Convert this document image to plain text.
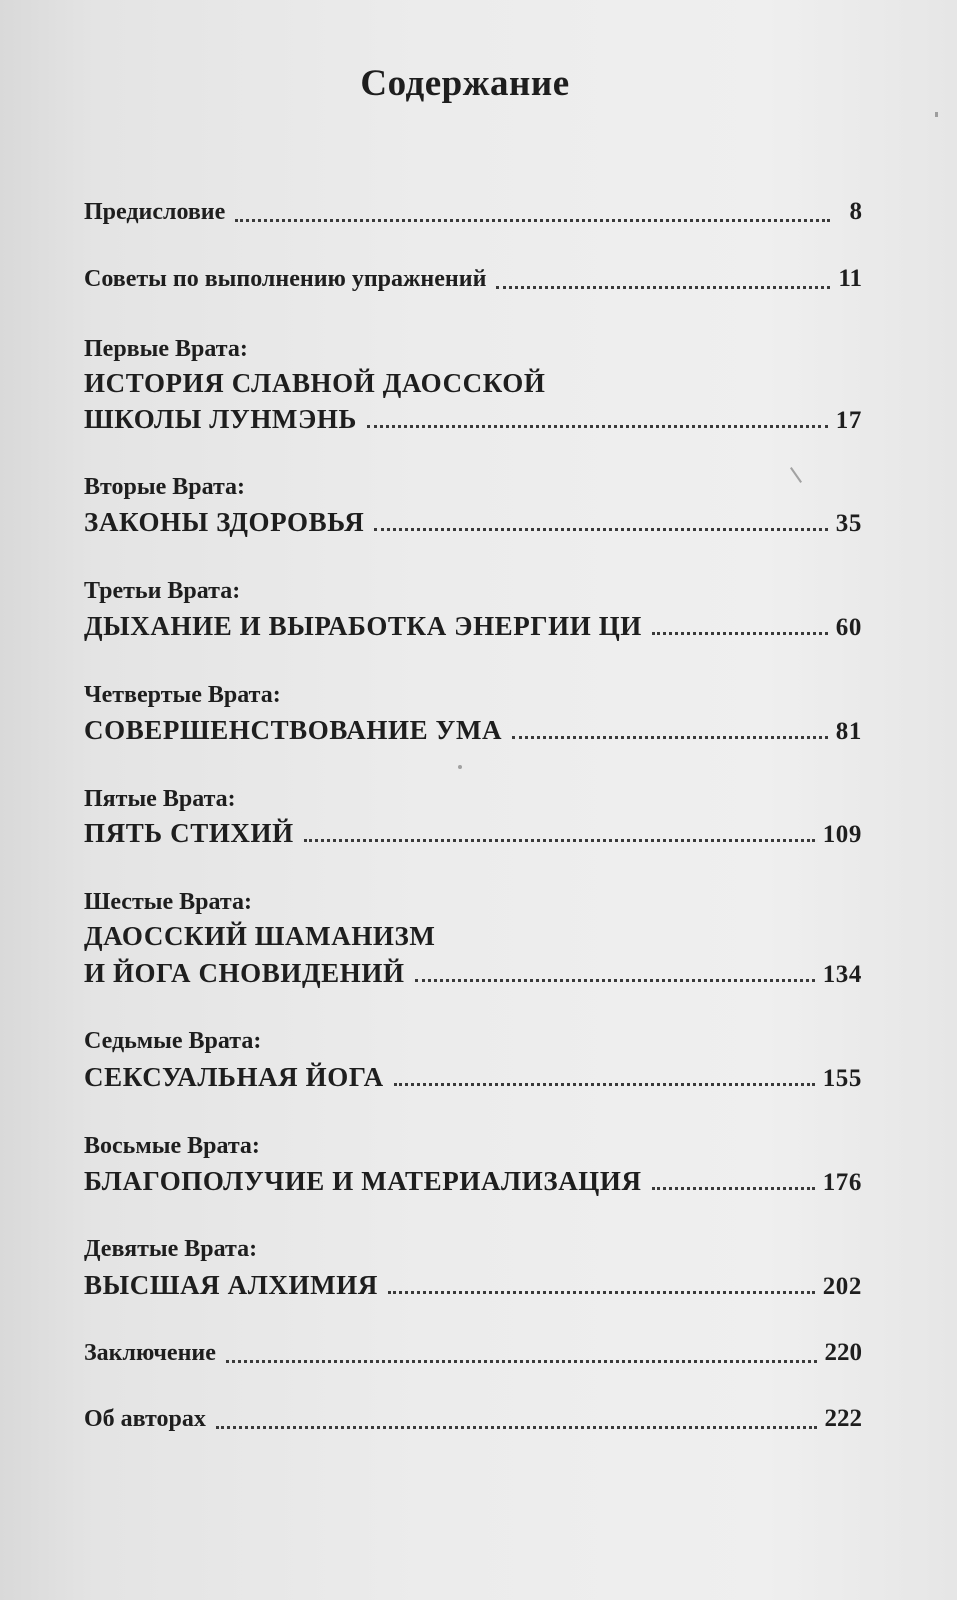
Содержание
Предисловие	8
Советы по выполнению упражнений	11
Первые Врата:
ИСТОРИЯ СЛАВНОЙ ДАОССКОЙ
ШКОЛЫ ЛУНМЭНЬ	17
Вторые Врата:
ЗАКОНЫ ЗДОРОВЬЯ	35
Третьи Врата:
ДЫХАНИЕ И ВЫРАБОТКА ЭНЕРГИИ ЦИ	60
Четвертые Врата:
СОВЕРШЕНСТВОВАНИЕ УМА	81
Пятые Врата:
ПЯТЬ СТИХИЙ	109
Шестые Врата:
ДАОССКИЙ ШАМАНИЗМ
И ЙОГА СНОВИДЕНИЙ	134
Седьмые Врата:
СЕКСУАЛЬНАЯ ЙОГА	155
Восьмые Врата:
БЛАГОПОЛУЧИЕ И МАТЕРИАЛИЗАЦИЯ	176
Девятые Врата:
ВЫСШАЯ АЛХИМИЯ	202
Заключение	220
Об авторах	222
